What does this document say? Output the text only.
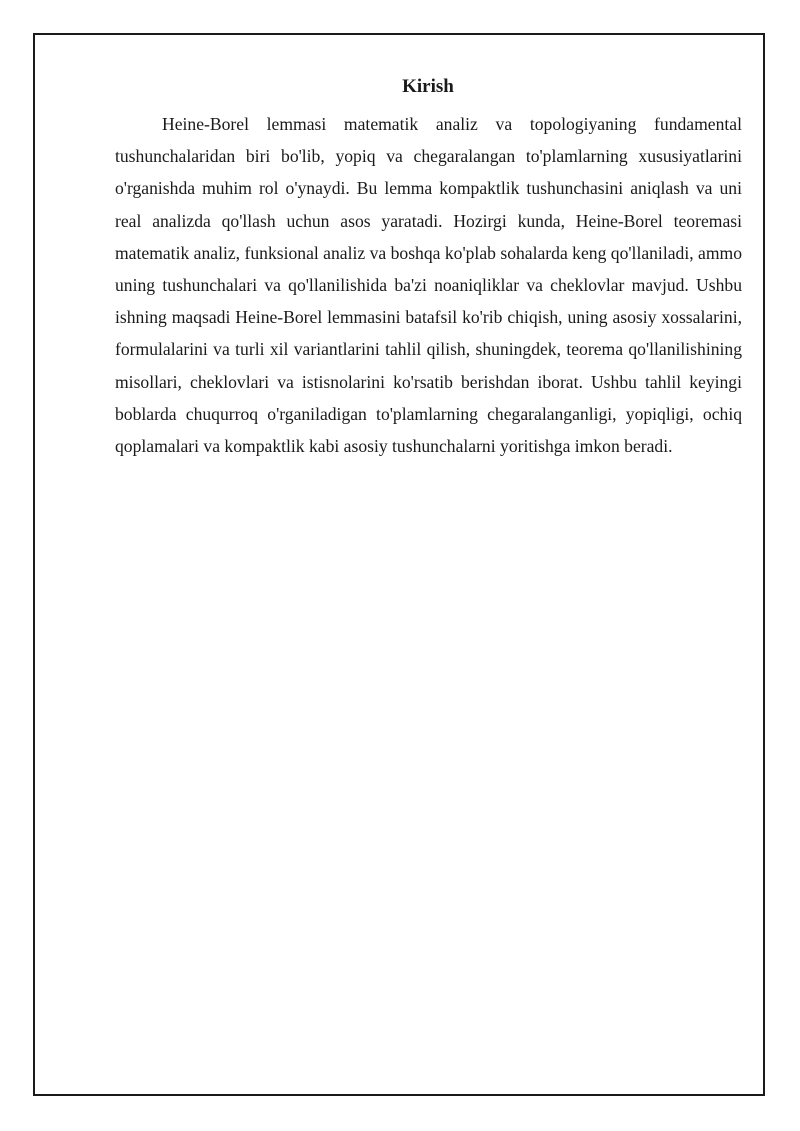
Kirish

Heine-Borel lemmasi matematik analiz va topologiyaning fundamental tushunchalaridan biri bo'lib, yopiq va chegaralangan to'plamlarning xususiyatlarini o'rganishda muhim rol o'ynaydi. Bu lemma kompaktlik tushunchasini aniqlash va uni real analizda qo'llash uchun asos yaratadi. Hozirgi kunda, Heine-Borel teoremasi matematik analiz, funksional analiz va boshqa ko'plab sohalarda keng qo'llaniladi, ammo uning tushunchalari va qo'llanilishida ba'zi noaniqliklar va cheklovlar mavjud. Ushbu ishning maqsadi Heine-Borel lemmasini batafsil ko'rib chiqish, uning asosiy xossalarini, formulalarini va turli xil variantlarini tahlil qilish, shuningdek, teorema qo'llanilishining misollari, cheklovlari va istisnolarini ko'rsatib berishdan iborat. Ushbu tahlil keyingi boblarda chuqurroq o'rganiladigan to'plamlarning chegaralanganligi, yopiqligi, ochiq qoplamalari va kompaktlik kabi asosiy tushunchalarni yoritishga imkon beradi.
